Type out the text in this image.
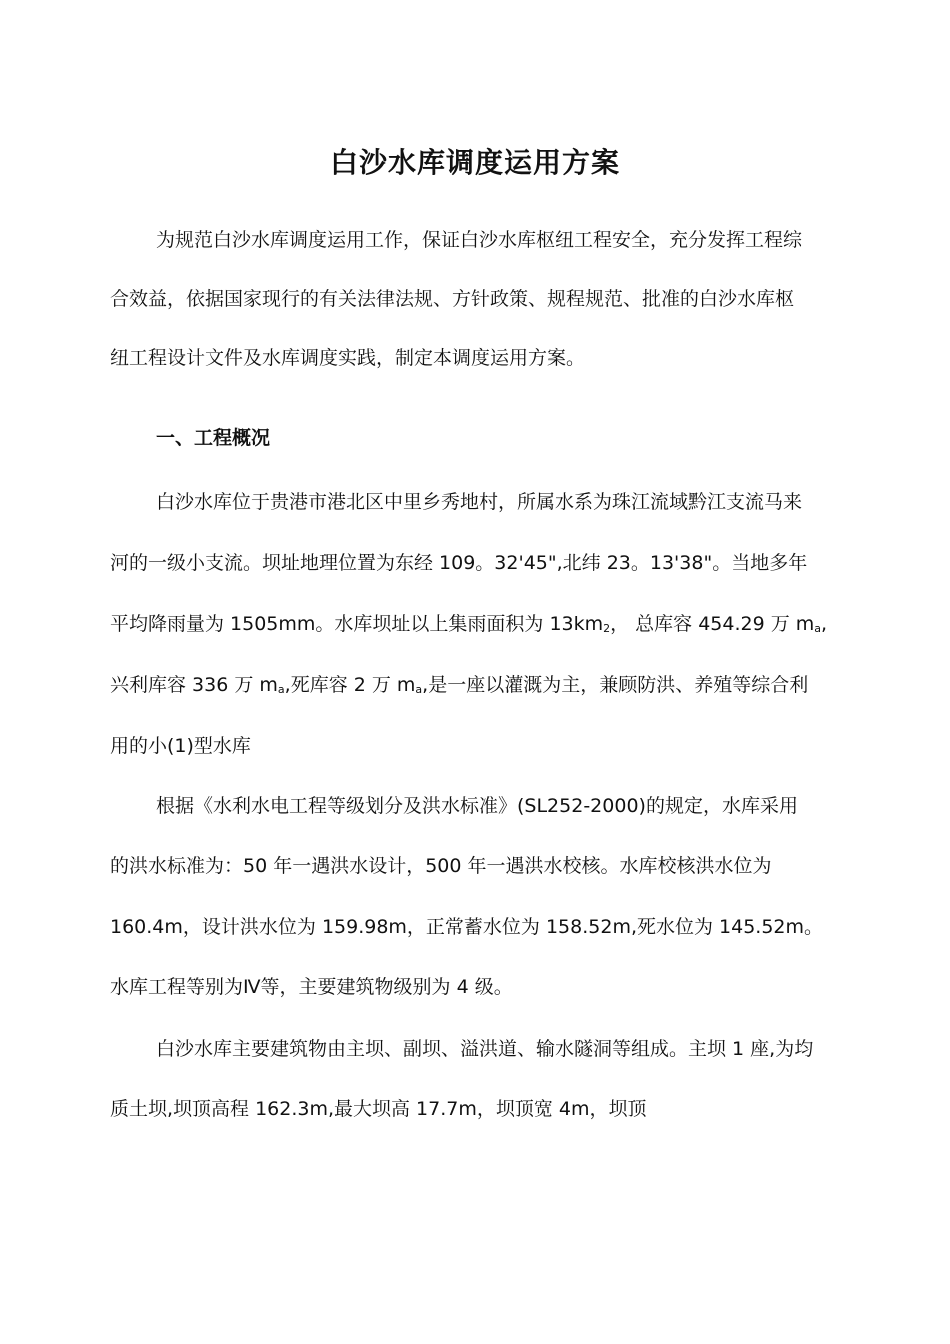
白沙水库调度运用方案

为规范白沙水库调度运用工作，保证白沙水库枢纽工程安全，充分发挥工程综

合效益，依据国家现行的有关法律法规、方针政策、规程规范、批准的白沙水库枢

纽工程设计文件及水库调度实践，制定本调度运用方案。

一、工程概况

白沙水库位于贵港市港北区中里乡秀地村，所属水系为珠江流域黔江支流马来

河的一级小支流。坝址地理位置为东经 109。32'45",北纬 23。13'38"。当地多年

平均降雨量为 1505mm。水库坝址以上集雨面积为 $13km_2$， 总库容 454.29 万 $m_a$,

兴利库容 336 万 $m_a$,死库容 2 万 $m_a$,是一座以灌溉为主，兼顾防洪、养殖等综合利

用的小(1)型水库

根据《水利水电工程等级划分及洪水标准》(SL252-2000)的规定，水库采用

的洪水标准为：50 年一遇洪水设计，500 年一遇洪水校核。水库校核洪水位为

160.4m，设计洪水位为 159.98m，正常蓄水位为 158.52m,死水位为 145.52m。

水库工程等别为Ⅳ等，主要建筑物级别为 4 级。

白沙水库主要建筑物由主坝、副坝、溢洪道、输水隧洞等组成。主坝 1 座,为均

质土坝,坝顶高程 162.3m,最大坝高 17.7m，坝顶宽 4m，坝顶
